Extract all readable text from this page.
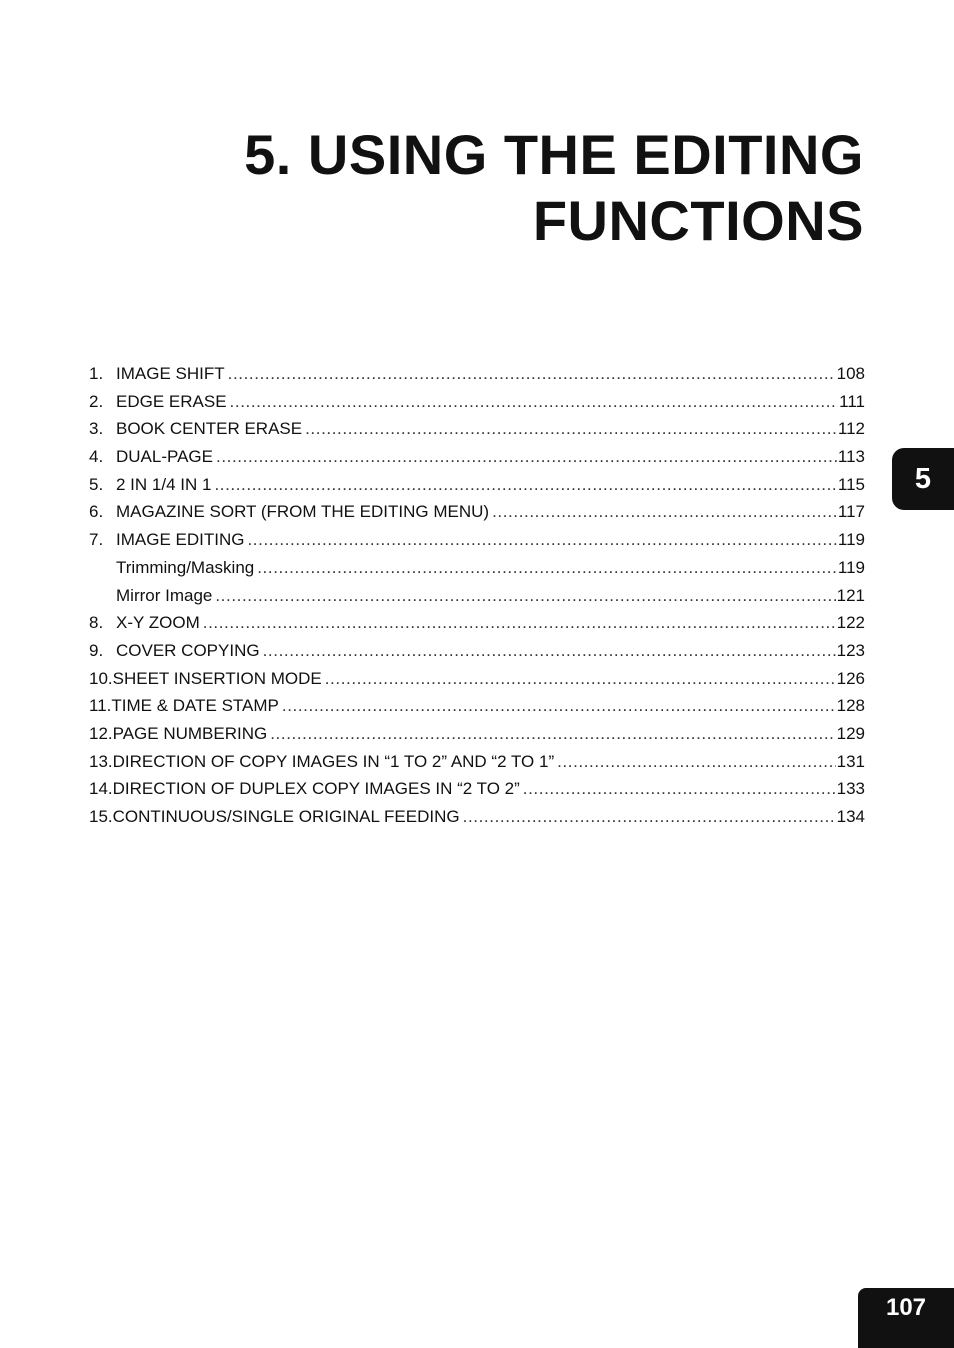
5. USING THE EDITING
FUNCTIONS
1. IMAGE SHIFT .....	108
2. EDGE ERASE .....	111
3. BOOK CENTER ERASE .....	112
4. DUAL-PAGE .....	113
5. 2 IN 1/4 IN 1 .....	115
6. MAGAZINE SORT (FROM THE EDITING MENU) .....	117
7. IMAGE EDITING .....	119
Trimming/Masking .....	119
Mirror Image .....	121
8. X-Y ZOOM .....	122
9. COVER COPYING .....	123
10. SHEET INSERTION MODE .....	126
11. TIME & DATE STAMP .....	128
12. PAGE NUMBERING .....	129
13. DIRECTION OF COPY IMAGES IN “1 TO 2” AND “2 TO 1” .....	131
14. DIRECTION OF DUPLEX COPY IMAGES IN “2 TO 2” .....	133
15. CONTINUOUS/SINGLE ORIGINAL FEEDING .....	134
5
107
